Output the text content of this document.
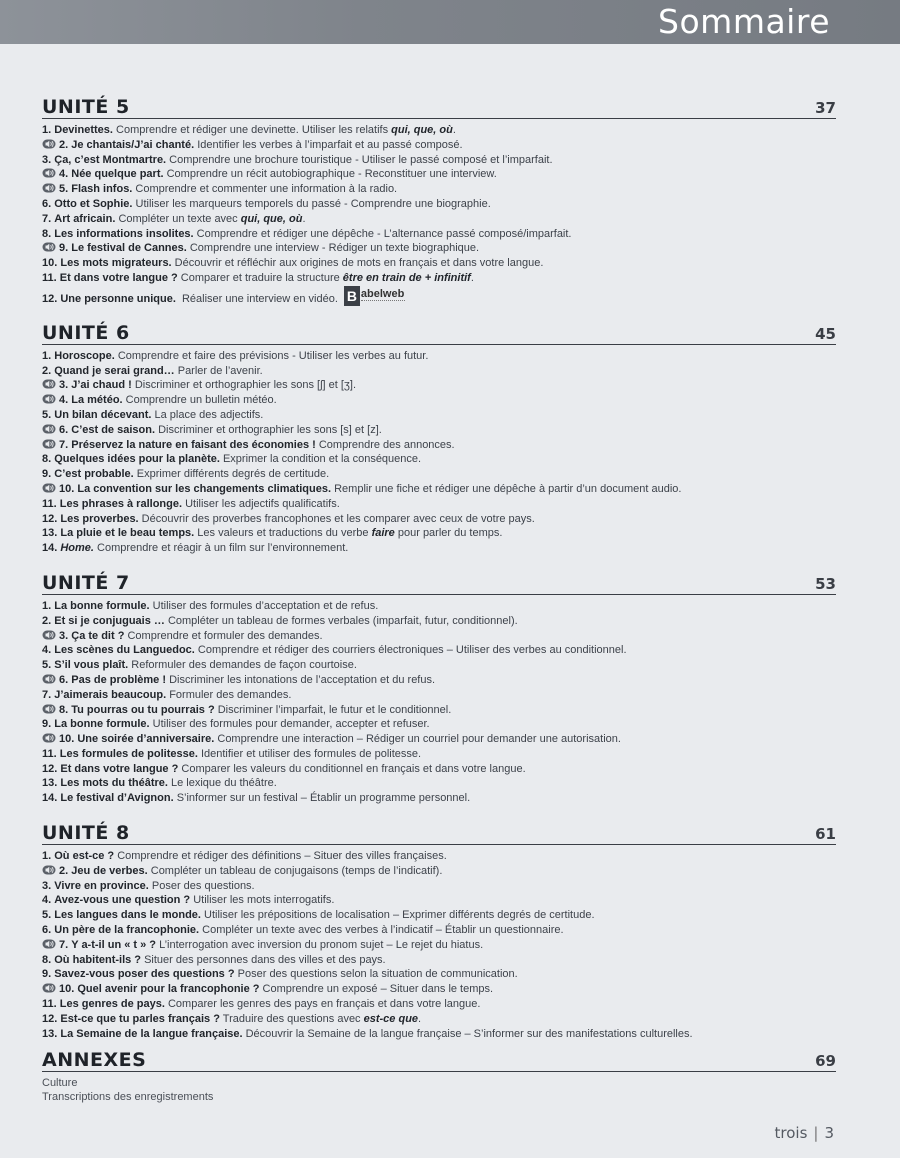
Sommaire
UNITÉ 5	37
1. Devinettes. Comprendre et rédiger une devinette. Utiliser les relatifs qui, que, où.
2. Je chantais/J’ai chanté. Identifier les verbes à l’imparfait et au passé composé.
3. Ça, c’est Montmartre. Comprendre une brochure touristique - Utiliser le passé composé et l’imparfait.
4. Née quelque part. Comprendre un récit autobiographique - Reconstituer une interview.
5. Flash infos. Comprendre et commenter une information à la radio.
6. Otto et Sophie. Utiliser les marqueurs temporels du passé - Comprendre une biographie.
7. Art africain. Compléter un texte avec qui, que, où.
8. Les informations insolites. Comprendre et rédiger une dépêche - L’alternance passé composé/imparfait.
9. Le festival de Cannes. Comprendre une interview - Rédiger un texte biographique.
10. Les mots migrateurs. Découvrir et réfléchir aux origines de mots en français et dans votre langue.
11. Et dans votre langue ? Comparer et traduire la structure être en train de + infinitif.
12. Une personne unique.  Réaliser une interview en vidéo. B abelweb
UNITÉ 6	45
1. Horoscope. Comprendre et faire des prévisions - Utiliser les verbes au futur.
2. Quand je serai grand… Parler de l’avenir.
3. J’ai chaud ! Discriminer et orthographier les sons [ʃ] et [ʒ].
4. La météo. Comprendre un bulletin météo.
5. Un bilan décevant. La place des adjectifs.
6. C’est de saison. Discriminer et orthographier les sons [s] et [z].
7. Préservez la nature en faisant des économies ! Comprendre des annonces.
8. Quelques idées pour la planète. Exprimer la condition et la conséquence.
9. C’est probable. Exprimer différents degrés de certitude.
10. La convention sur les changements climatiques. Remplir une fiche et rédiger une dépêche à partir d’un document audio.
11. Les phrases à rallonge. Utiliser les adjectifs qualificatifs.
12. Les proverbes. Découvrir des proverbes francophones et les comparer avec ceux de votre pays.
13. La pluie et le beau temps. Les valeurs et traductions du verbe faire pour parler du temps.
14. Home. Comprendre et réagir à un film sur l’environnement.
UNITÉ 7	53
1. La bonne formule. Utiliser des formules d’acceptation et de refus.
2. Et si je conjuguais … Compléter un tableau de formes verbales (imparfait, futur, conditionnel).
3. Ça te dit ? Comprendre et formuler des demandes.
4. Les scènes du Languedoc. Comprendre et rédiger des courriers électroniques – Utiliser des verbes au conditionnel.
5. S’il vous plaît. Reformuler des demandes de façon courtoise.
6. Pas de problème ! Discriminer les intonations de l’acceptation et du refus.
7. J’aimerais beaucoup. Formuler des demandes.
8. Tu pourras ou tu pourrais ? Discriminer l’imparfait, le futur et le conditionnel.
9. La bonne formule. Utiliser des formules pour demander, accepter et refuser.
10. Une soirée d’anniversaire. Comprendre une interaction – Rédiger un courriel pour demander une autorisation.
11. Les formules de politesse. Identifier et utiliser des formules de politesse.
12. Et dans votre langue ? Comparer les valeurs du conditionnel en français et dans votre langue.
13. Les mots du théâtre. Le lexique du théâtre.
14. Le festival d’Avignon. S’informer sur un festival – Établir un programme personnel.
UNITÉ 8	61
1. Où est-ce ? Comprendre et rédiger des définitions – Situer des villes françaises.
2. Jeu de verbes. Compléter un tableau de conjugaisons (temps de l’indicatif).
3. Vivre en province. Poser des questions.
4. Avez-vous une question ? Utiliser les mots interrogatifs.
5. Les langues dans le monde. Utiliser les prépositions de localisation – Exprimer différents degrés de certitude.
6. Un père de la francophonie. Compléter un texte avec des verbes à l’indicatif – Établir un questionnaire.
7. Y a-t-il un « t » ? L’interrogation avec inversion du pronom sujet – Le rejet du hiatus.
8. Où habitent-ils ? Situer des personnes dans des villes et des pays.
9. Savez-vous poser des questions ? Poser des questions selon la situation de communication.
10. Quel avenir pour la francophonie ? Comprendre un exposé – Situer dans le temps.
11. Les genres de pays. Comparer les genres des pays en français et dans votre langue.
12. Est-ce que tu parles français ? Traduire des questions avec est-ce que.
13. La Semaine de la langue française. Découvrir la Semaine de la langue française – S’informer sur des manifestations culturelles.
ANNEXES	69
Culture
Transcriptions des enregistrements
trois | 3
